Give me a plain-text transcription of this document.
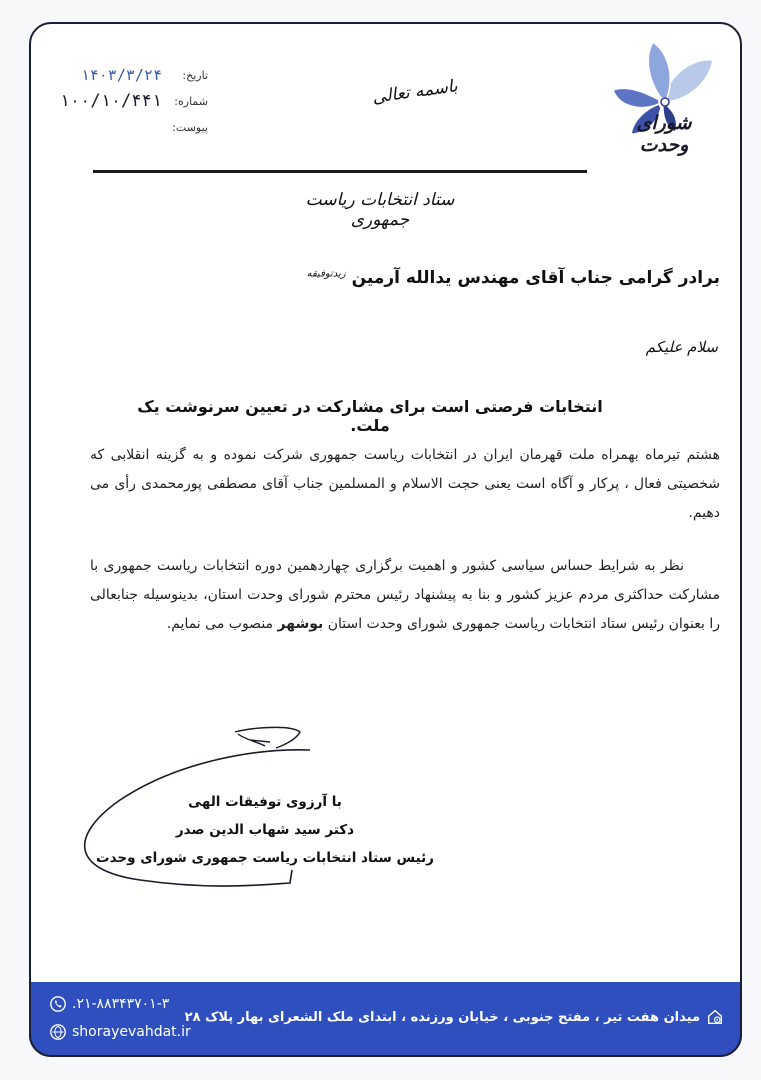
تاریخ:
۱۴۰۳/۳/۲۴
شماره:
۱۰۰/۱۰/۴۴۱
پیوست:
باسمه تعالی
شورای وحدت
ستاد انتخابات ریاست جمهوری
برادر گرامی جناب آقای مهندس یدالله آرمین $^{زیدتوفیقه}$
سلام علیکم
انتخابات فرصتی است برای مشارکت در تعیین سرنوشت یک ملت.
هشتم تیرماه بهمراه ملت قهرمان ایران در انتخابات ریاست جمهوری شرکت نموده و به گزینه انقلابی که شخصیتی فعال ، پرکار و آگاه است یعنی حجت الاسلام و المسلمین جناب آقای مصطفی پورمحمدی رأی می دهیم.
نظر به شرایط حساس سیاسی کشور و اهمیت برگزاری چهاردهمین دوره انتخابات ریاست جمهوری با مشارکت حداکثری مردم عزیز کشور و بنا به پیشنهاد رئیس محترم شورای وحدت استان، بدینوسیله جنابعالی را بعنوان رئیس ستاد انتخابات ریاست جمهوری شورای وحدت استان بوشهر منصوب می نمایم.
با آرزوی توفیقات الهی
دکتر سید شهاب الدین صدر
رئیس ستاد انتخابات ریاست جمهوری شورای وحدت
میدان هفت تیر ، مفتح جنوبی ، خیابان ورزنده ، ابتدای ملک الشعرای بهار پلاک ۲۸
.۲۱-۸۸۳۴۳۷۰۱-۳
shorayevahdat.ir
